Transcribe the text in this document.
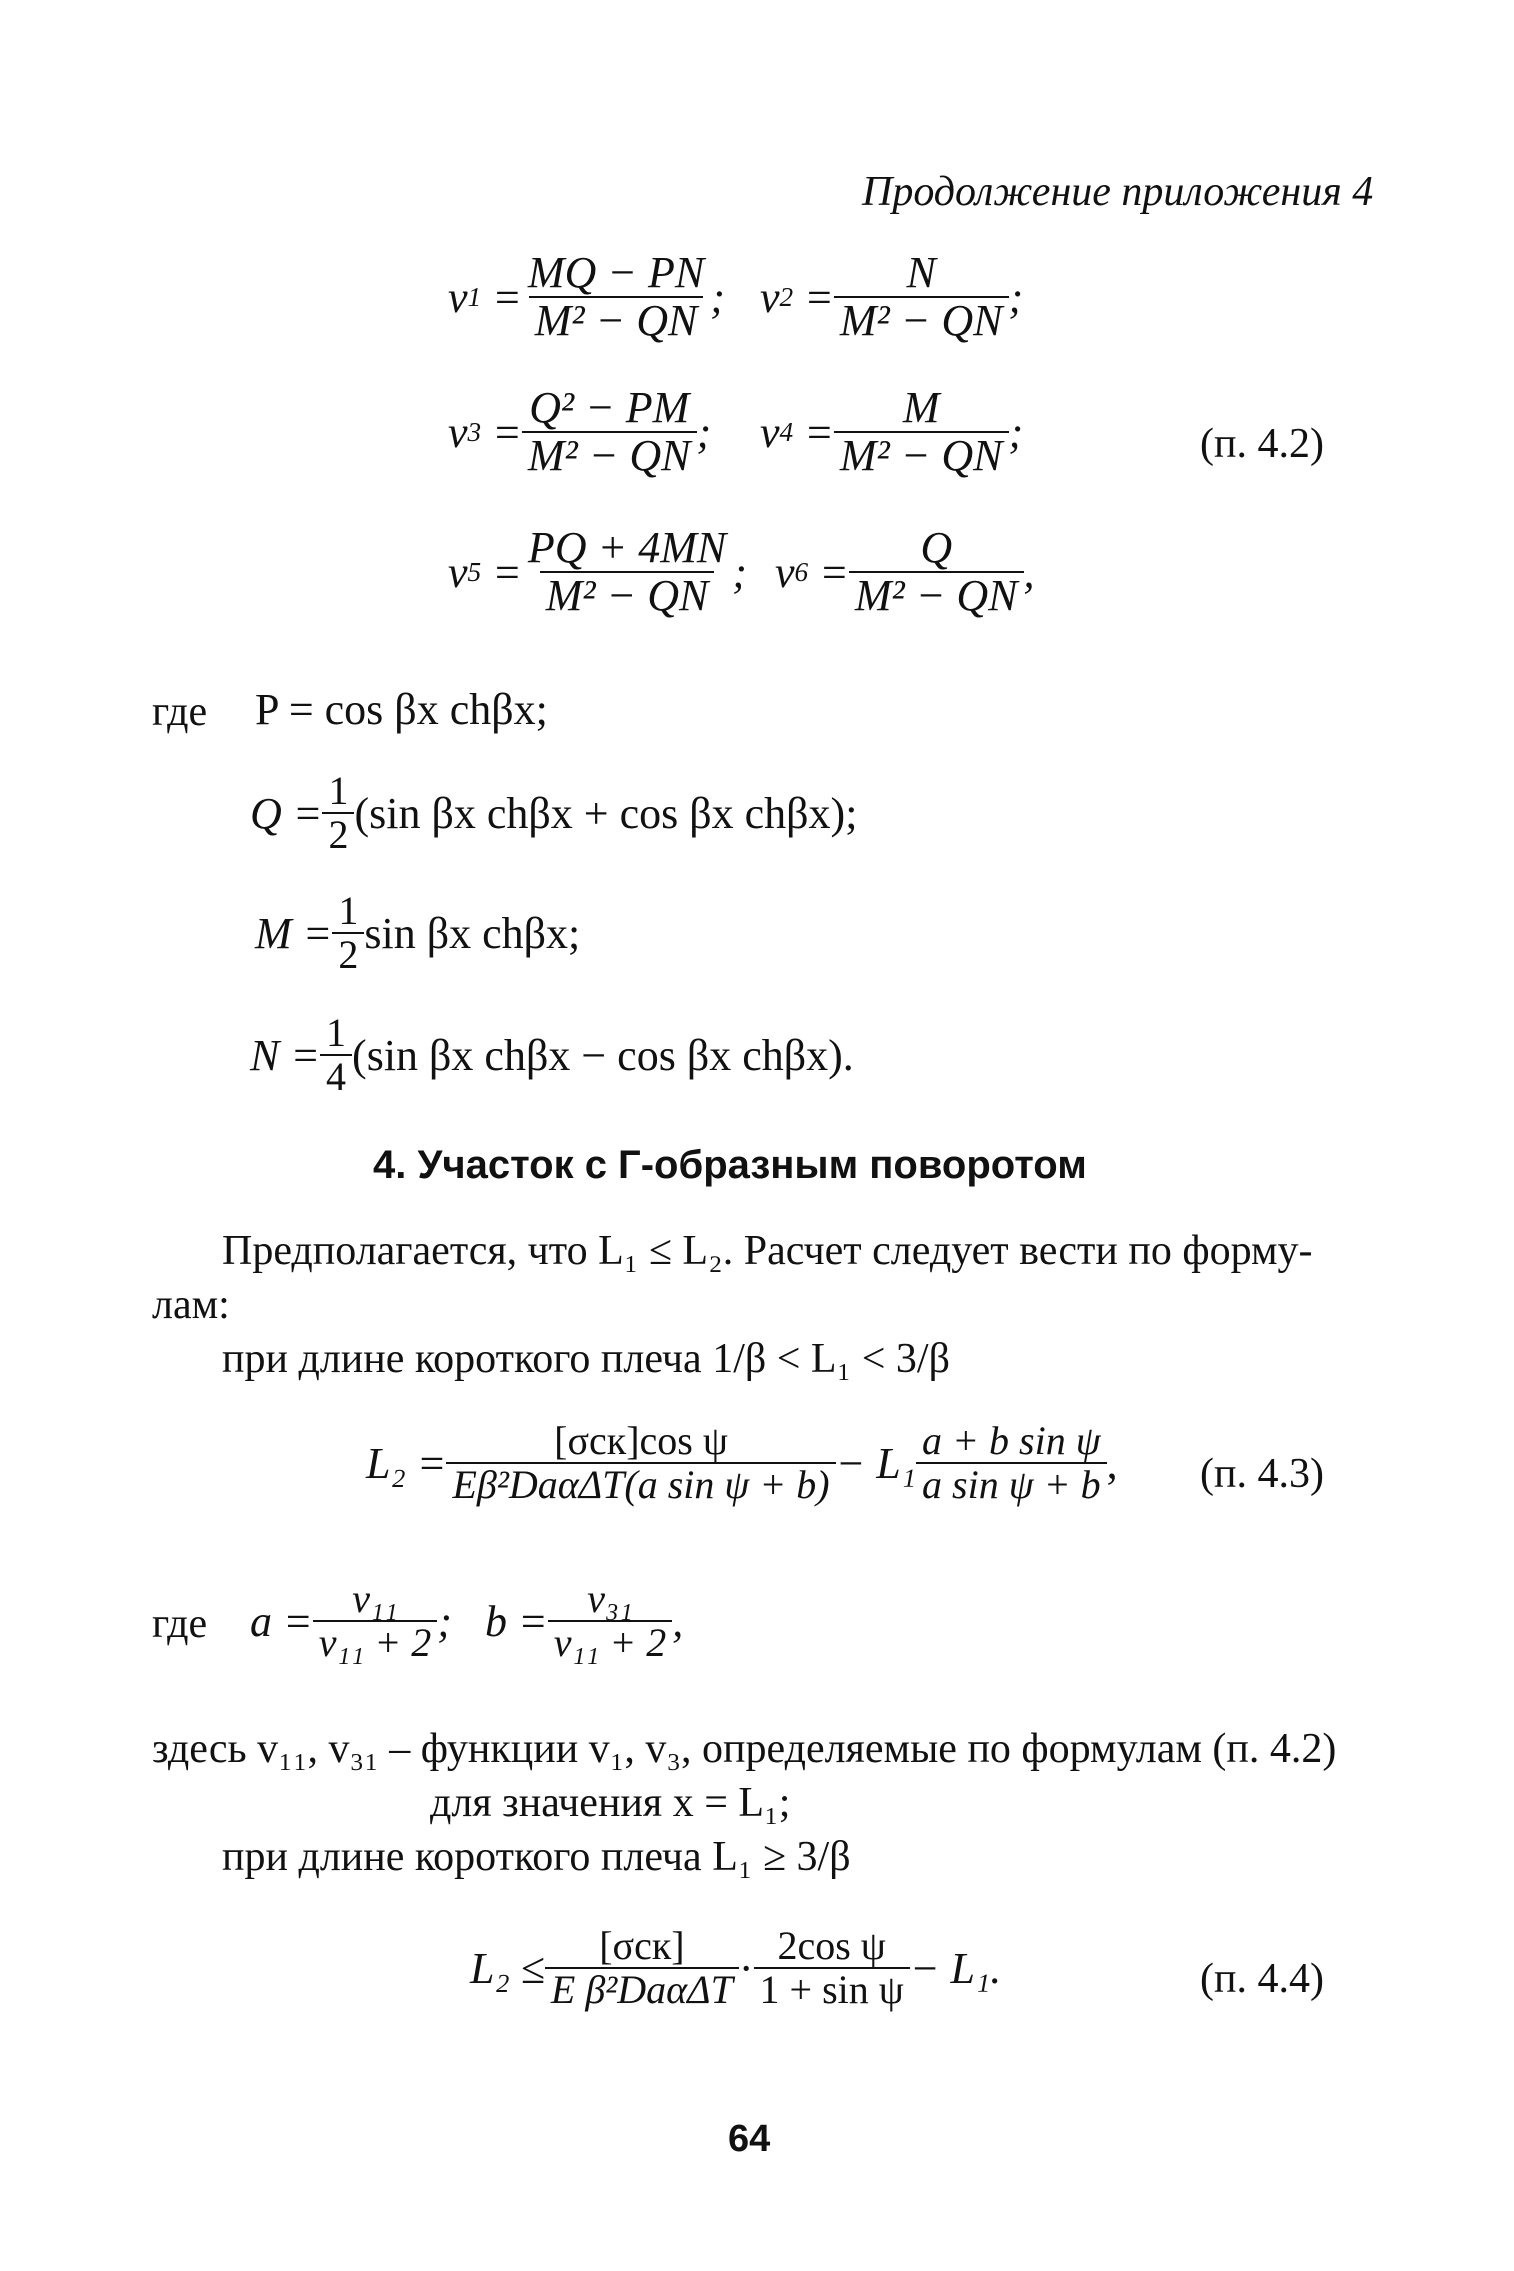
Продолжение приложения 4
v $1 = \frac{MQ - PN}{\text{M² − QN}}$ ; v $2 = \frac{N}{\text{M² − QN}}$ ;
v $3 = \frac{\text{Q² − PM}}{\text{M² − QN}}$ ; v $4 = \frac{M}{\text{M² − QN}}$ ;	(п. 4.2)
v $5 = \frac{PQ + 4MN}{\text{M² − QN}}$ ; v $6 = \frac{Q}{\text{M² − QN}}$ ,
где P = cos βx chβx;
$Q = \frac{1}{2} (\sin$ βx chβx + cos βx chβx);
$M = \frac{1}{2}$ sin βx chβx;
$N = \frac{1}{4} (\sin$ βx chβx − cos βx chβx).
4. Участок с Г-образным поворотом
Предполагается, что L₁ ≤ L₂. Расчет следует вести по форму-
лам:
при длине короткого плеча 1/β < L₁ < 3/β
$L_2 = \frac{\text{[σск]cos ψ}}{\text{Eβ²DaαΔT(a sin ψ + b)}} - L_1 \frac{\text{a + b sin ψ}}{\text{a sin ψ + b}}$ , (п. 4.3)
где $a = \frac{\text{v₁₁}}{\text{v₁₁ + 2}}$ ; $b = \frac{\text{v₃₁}}{\text{v₁₁ + 2}}$ ,
здесь v₁₁, v₃₁ – функции v₁, v₃, определяемые по формулам (п. 4.2)
для значения x = L₁;
при длине короткого плеча L₁ ≥ 3/β
$L_2 \le \frac{\text{[σск]}}{\text{E β²DaαΔT}} \cdot \frac{\text{2cos ψ}}{\text{1 + sin ψ}} - L_1$.	(п. 4.4)
64
